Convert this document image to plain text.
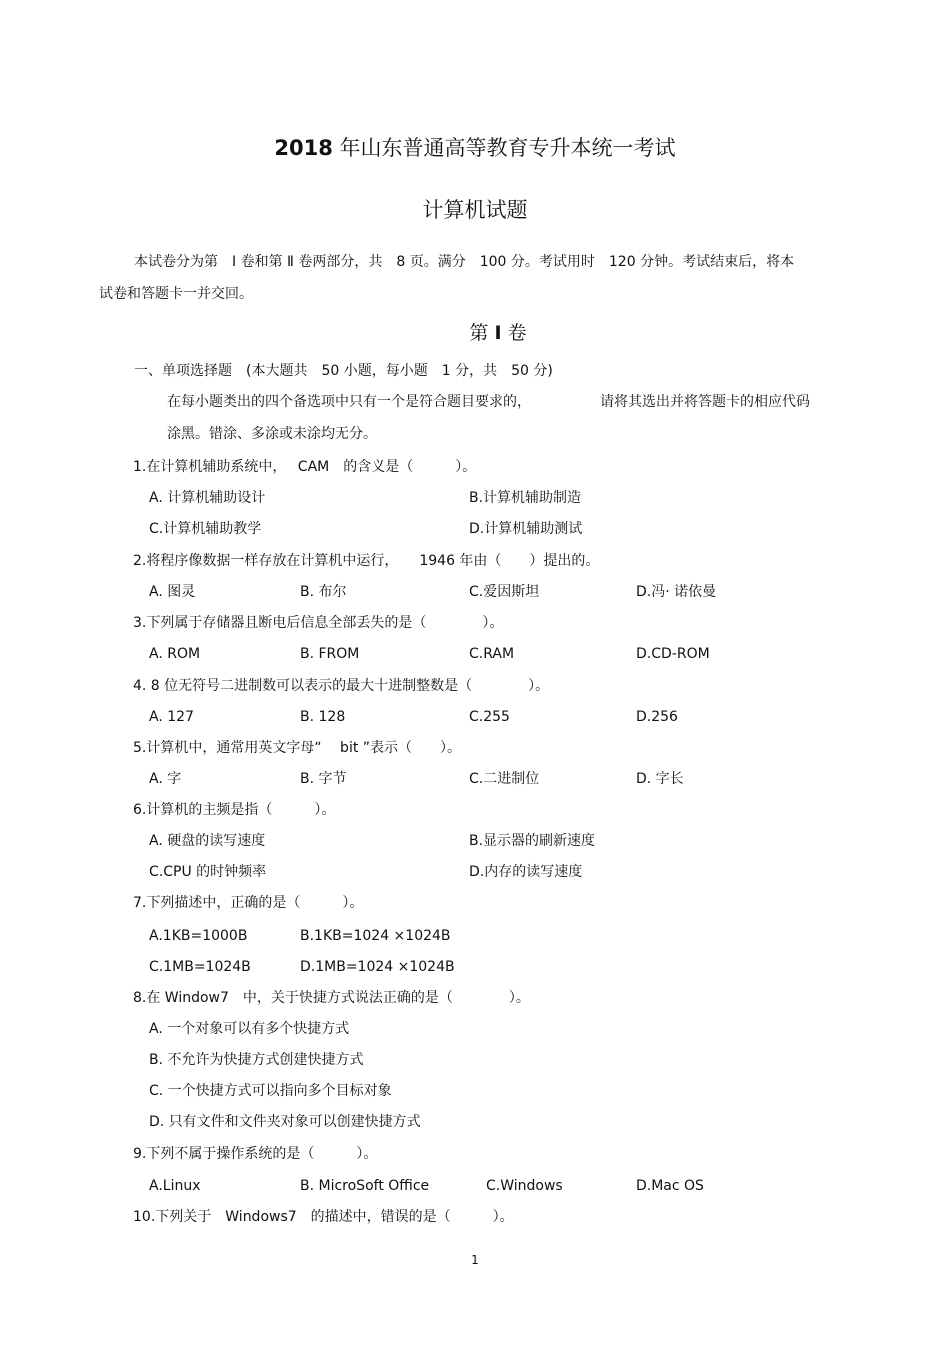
2018 年山东普通高等教育专升本统一考试
计算机试题
本试卷分为第　Ⅰ 卷和第 Ⅱ 卷两部分，共　8 页。满分　100 分。考试用时　120 分钟。考试结束后，将本
试卷和答题卡一并交回。
第 I 卷
一、单项选择题　(本大题共　50 小题，每小题　1 分，共　50 分)
在每小题类出的四个备选项中只有一个是符合题目要求的，	请将其选出并将答题卡的相应代码
涂黑。错涂、多涂或未涂均无分。
1.在计算机辅助系统中，　 CAM　的含义是（　　　）。
A. 计算机辅助设计	B.计算机辅助制造
C.计算机辅助教学	D.计算机辅助测试
2.将程序像数据一样存放在计算机中运行，　　1946 年由（　　）提出的。
A. 图灵	B. 布尔	C.爱因斯坦	D.冯· 诺依曼
3.下列属于存储器且断电后信息全部丢失的是（　　　　）。
A. ROM	B. FROM	C.RAM	D.CD-ROM
4. 8 位无符号二进制数可以表示的最大十进制整数是（　　　　）。
A. 127	B. 128	C.255	D.256
5.计算机中，通常用英文字母“　 bit ”表示（　　）。
A. 字	B. 字节	C.二进制位	D. 字长
6.计算机的主频是指（　　　）。
A. 硬盘的读写速度	B.显示器的刷新速度
C.CPU 的时钟频率	D.内存的读写速度
7.下列描述中，正确的是（　　　）。
A.1KB=1000B	B.1KB=1024 ×1024B
C.1MB=1024B	D.1MB=1024 ×1024B
8.在 Window7　中，关于快捷方式说法正确的是（　　　　）。
A. 一个对象可以有多个快捷方式
B. 不允许为快捷方式创建快捷方式
C. 一个快捷方式可以指向多个目标对象
D. 只有文件和文件夹对象可以创建快捷方式
9.下列不属于操作系统的是（　　　）。
A.Linux	B. MicroSoft Office	C.Windows	D.Mac OS
10.下列关于　Windows7　的描述中，错误的是（　　　）。
1
